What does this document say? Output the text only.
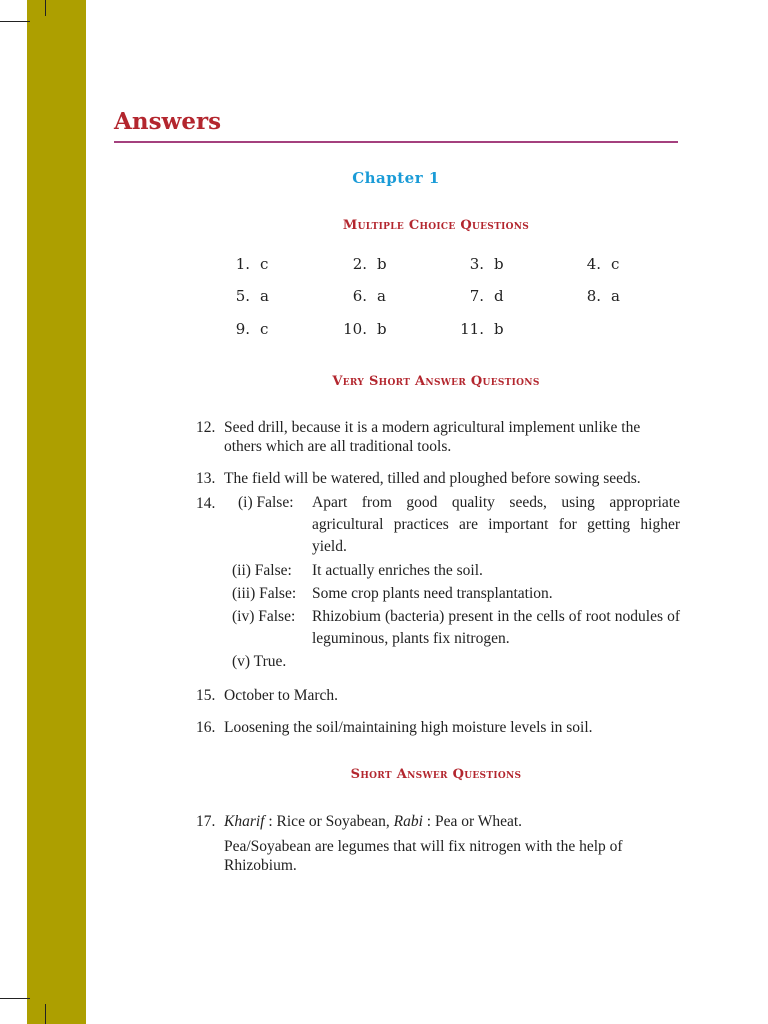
Answers
Chapter 1
Multiple Choice Questions
1. c	2. b	3. b	4. c
5. a	6. a	7. d	8. a
9. c	10. b	11. b
Very Short Answer Questions
12. Seed drill, because it is a modern agricultural implement unlike the others which are all traditional tools.
13. The field will be watered, tilled and ploughed before sowing seeds.
14. (i) False: Apart from good quality seeds, using appropriate agricultural practices are important for getting higher yield.
(ii) False: It actually enriches the soil.
(iii) False: Some crop plants need transplantation.
(iv) False: Rhizobium (bacteria) present in the cells of root nodules of leguminous, plants fix nitrogen.
(v) True.
15. October to March.
16. Loosening the soil/maintaining high moisture levels in soil.
Short Answer Questions
17. Kharif : Rice or Soyabean, Rabi : Pea or Wheat.
Pea/Soyabean are legumes that will fix nitrogen with the help of Rhizobium.
